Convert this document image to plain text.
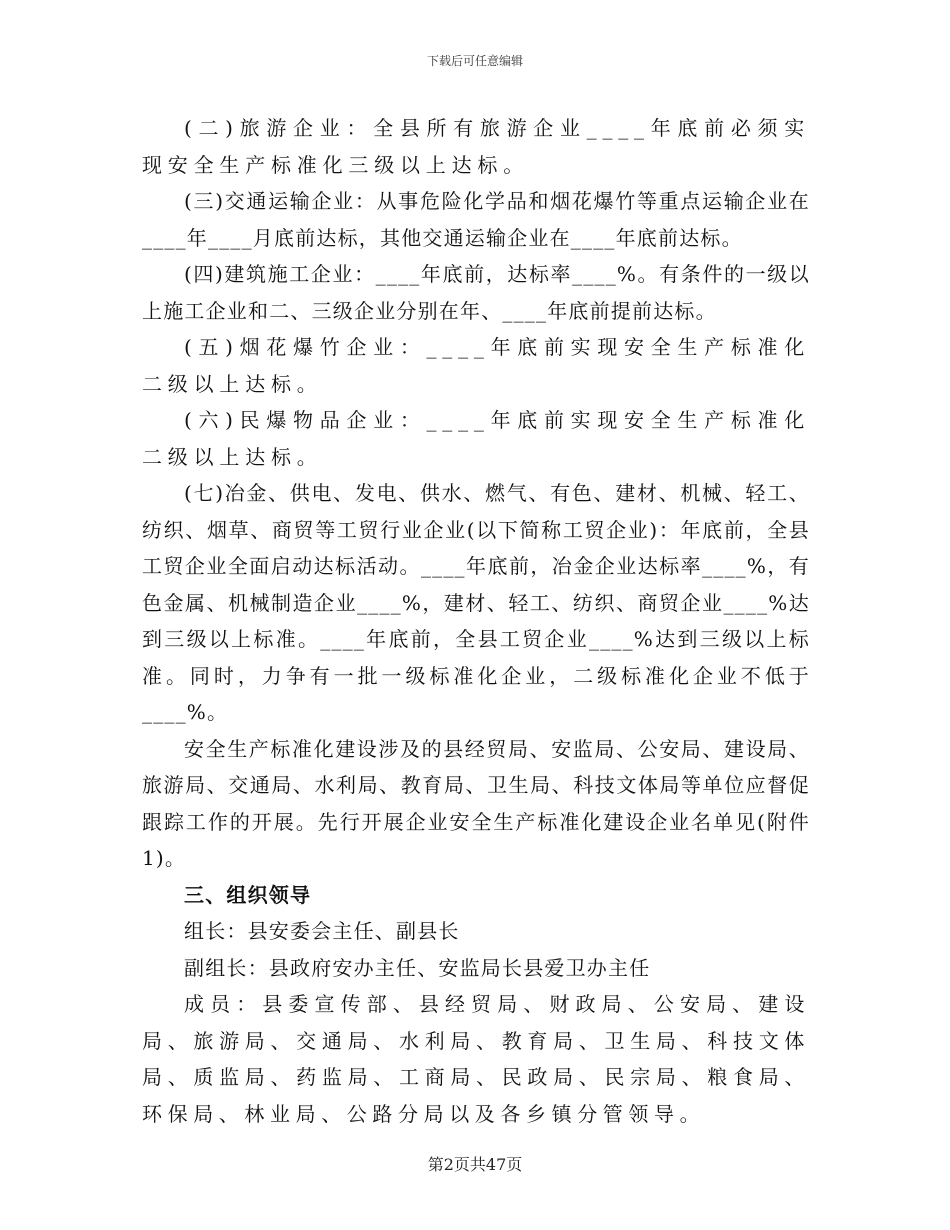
下载后可任意编辑

(二)旅游企业：全县所有旅游企业____年底前必须实现安全生产标准化三级以上达标。

(三)交通运输企业：从事危险化学品和烟花爆竹等重点运输企业在____年____月底前达标，其他交通运输企业在____年底前达标。

(四)建筑施工企业：____年底前，达标率____%。有条件的一级以上施工企业和二、三级企业分别在年、____年底前提前达标。

(五)烟花爆竹企业：____年底前实现安全生产标准化二级以上达标。

(六)民爆物品企业：____年底前实现安全生产标准化二级以上达标。

(七)冶金、供电、发电、供水、燃气、有色、建材、机械、轻工、纺织、烟草、商贸等工贸行业企业(以下简称工贸企业)：年底前，全县工贸企业全面启动达标活动。____年底前，冶金企业达标率____%，有色金属、机械制造企业____%，建材、轻工、纺织、商贸企业____%达到三级以上标准。____年底前，全县工贸企业____%达到三级以上标准。同时，力争有一批一级标准化企业，二级标准化企业不低于____%。

安全生产标准化建设涉及的县经贸局、安监局、公安局、建设局、旅游局、交通局、水利局、教育局、卫生局、科技文体局等单位应督促跟踪工作的开展。先行开展企业安全生产标准化建设企业名单见(附件1)。

三、组织领导

组长：县安委会主任、副县长

副组长：县政府安办主任、安监局长县爱卫办主任

成员：县委宣传部、县经贸局、财政局、公安局、建设局、旅游局、交通局、水利局、教育局、卫生局、科技文体局、质监局、药监局、工商局、民政局、民宗局、粮食局、环保局、林业局、公路分局以及各乡镇分管领导。

第2页共47页
